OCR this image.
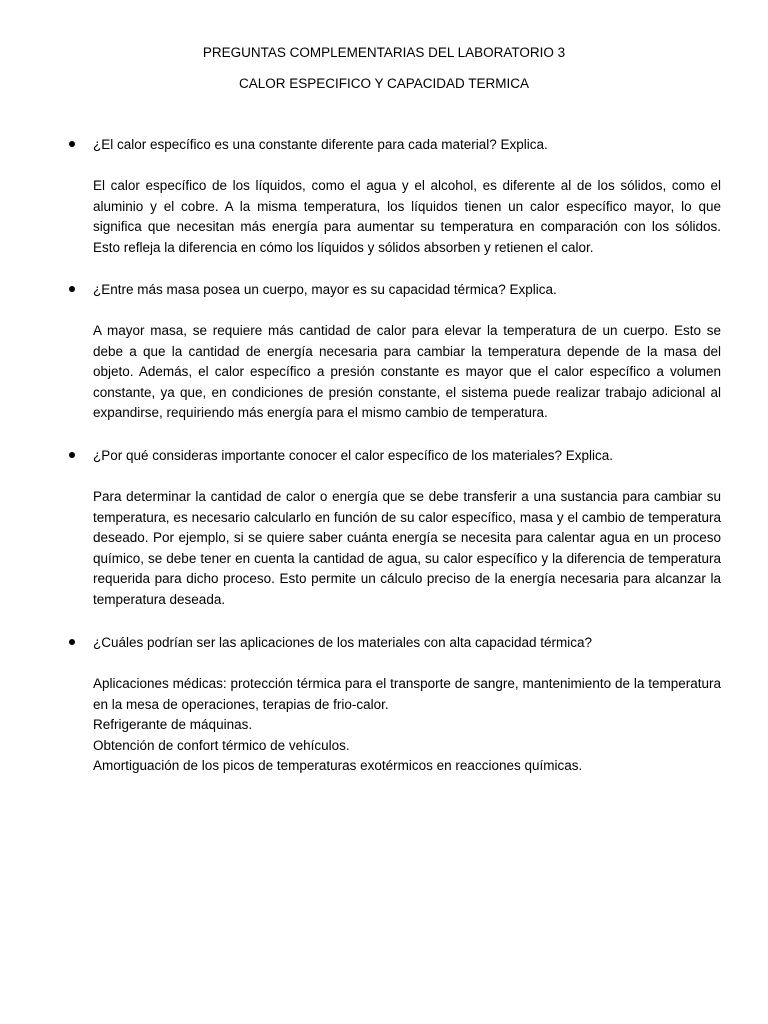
PREGUNTAS COMPLEMENTARIAS DEL LABORATORIO 3
CALOR ESPECIFICO Y CAPACIDAD TERMICA
¿El calor específico es una constante diferente para cada material? Explica.
El calor específico de los líquidos, como el agua y el alcohol, es diferente al de los sólidos, como el aluminio y el cobre. A la misma temperatura, los líquidos tienen un calor específico mayor, lo que significa que necesitan más energía para aumentar su temperatura en comparación con los sólidos. Esto refleja la diferencia en cómo los líquidos y sólidos absorben y retienen el calor.
¿Entre más masa posea un cuerpo, mayor es su capacidad térmica? Explica.
A mayor masa, se requiere más cantidad de calor para elevar la temperatura de un cuerpo. Esto se debe a que la cantidad de energía necesaria para cambiar la temperatura depende de la masa del objeto. Además, el calor específico a presión constante es mayor que el calor específico a volumen constante, ya que, en condiciones de presión constante, el sistema puede realizar trabajo adicional al expandirse, requiriendo más energía para el mismo cambio de temperatura.
¿Por qué consideras importante conocer el calor específico de los materiales? Explica.
Para determinar la cantidad de calor o energía que se debe transferir a una sustancia para cambiar su temperatura, es necesario calcularlo en función de su calor específico, masa y el cambio de temperatura deseado. Por ejemplo, si se quiere saber cuánta energía se necesita para calentar agua en un proceso químico, se debe tener en cuenta la cantidad de agua, su calor específico y la diferencia de temperatura requerida para dicho proceso. Esto permite un cálculo preciso de la energía necesaria para alcanzar la temperatura deseada.
¿Cuáles podrían ser las aplicaciones de los materiales con alta capacidad térmica?
Aplicaciones médicas: protección térmica para el transporte de sangre, mantenimiento de la temperatura en la mesa de operaciones, terapias de frio-calor.
Refrigerante de máquinas.
Obtención de confort térmico de vehículos.
Amortiguación de los picos de temperaturas exotérmicos en reacciones químicas.
